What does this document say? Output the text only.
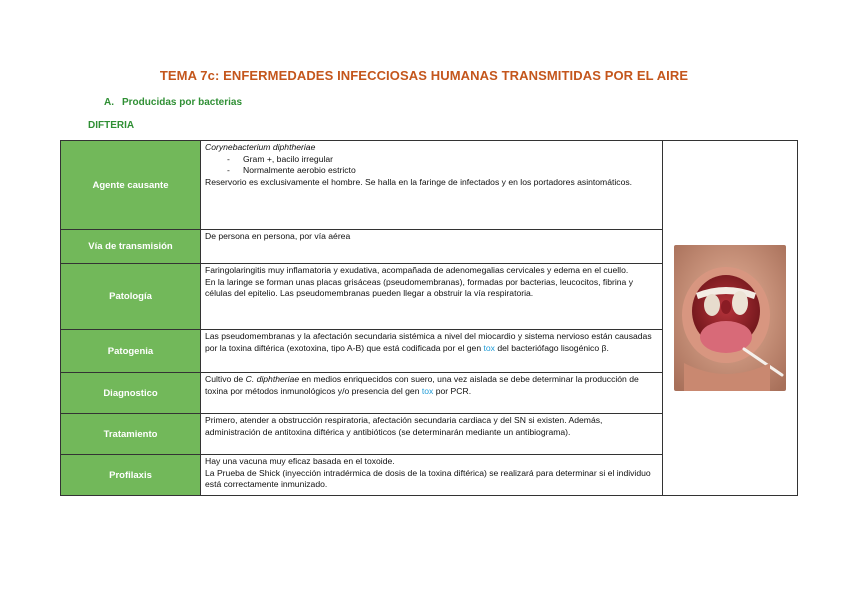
TEMA 7c: ENFERMEDADES INFECCIOSAS HUMANAS TRANSMITIDAS POR EL AIRE
A. Producidas por bacterias
DIFTERIA
Agente causante	Corynebacterium diphtheriae
- Gram +, bacilo irregular
- Normalmente aerobio estricto
Reservorio es exclusivamente el hombre. Se halla en la faringe de infectados y en los portadores asintomáticos.

Vía de transmisión	De persona en persona, por vía aérea	
Patología	Faringolaringitis muy inflamatoria y exudativa, acompañada de adenomegalias cervicales y edema en el cuello.
En la laringe se forman unas placas grisáceas (pseudomembranas), formadas por bacterias, leucocitos, fibrina y células del epitelio. Las pseudomembranas pueden llegar a obstruir la vía respiratoria.	

Patogenia	Las pseudomembranas y la afectación secundaria sistémica a nivel del miocardio y sistema nervioso están causadas por la toxina diftérica (exotoxina, tipo A-B) que está codificada por el gen tox del bacteriófago lisogénico β.	
Diagnostico	Cultivo de C. diphtheriae en medios enriquecidos con suero, una vez aislada se debe determinar la producción de toxina por métodos inmunológicos y/o presencia del gen tox por PCR.	
Tratamiento	Primero, atender a obstrucción respiratoria, afectación secundaria cardiaca y del SN si existen. Además, administración de antitoxina diftérica y antibióticos (se determinarán mediante un antibiograma).	
Profilaxis	Hay una vacuna muy eficaz basada en el toxoide.
La Prueba de Shick (inyección intradérmica de dosis de la toxina diftérica) se realizará para determinar si el individuo está correctamente inmunizado.	
